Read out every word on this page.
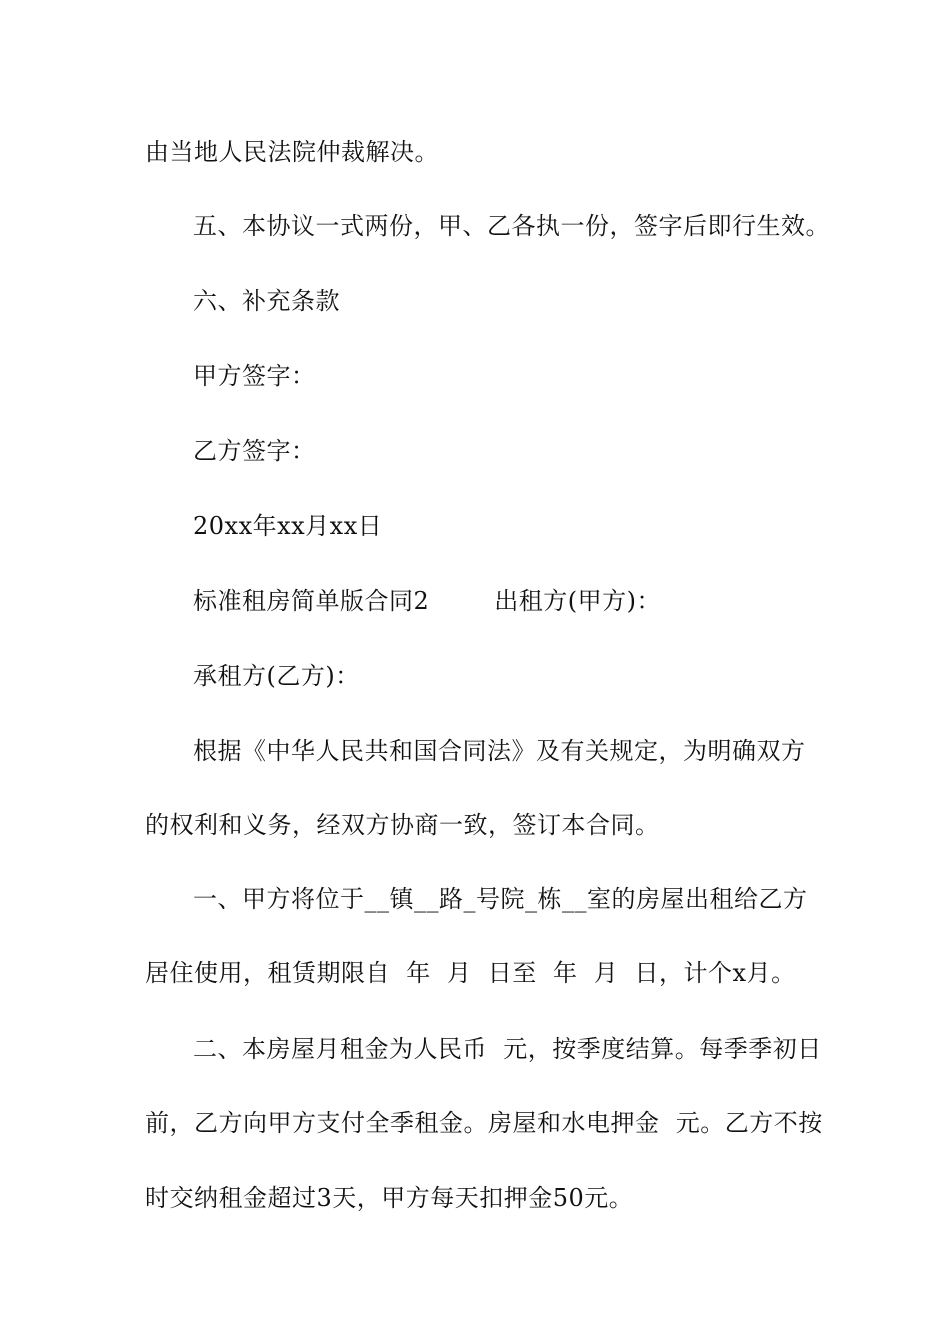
由当地人民法院仲裁解决。
五、本协议一式两份，甲、乙各执一份，签字后即行生效。
六、补充条款
甲方签字：
乙方签字：
20xx年xx月xx日
标准租房简单版合同2        出租方(甲方)：
承租方(乙方)：
根据《中华人民共和国合同法》及有关规定，为明确双方
的权利和义务，经双方协商一致，签订本合同。
一、甲方将位于__镇__路_号院_栋__室的房屋出租给乙方
居住使用，租赁期限自  年  月  日至  年  月  日，计个x月。
二、本房屋月租金为人民币  元，按季度结算。每季季初日
前，乙方向甲方支付全季租金。房屋和水电押金  元。乙方不按
时交纳租金超过3天，甲方每天扣押金50元。
